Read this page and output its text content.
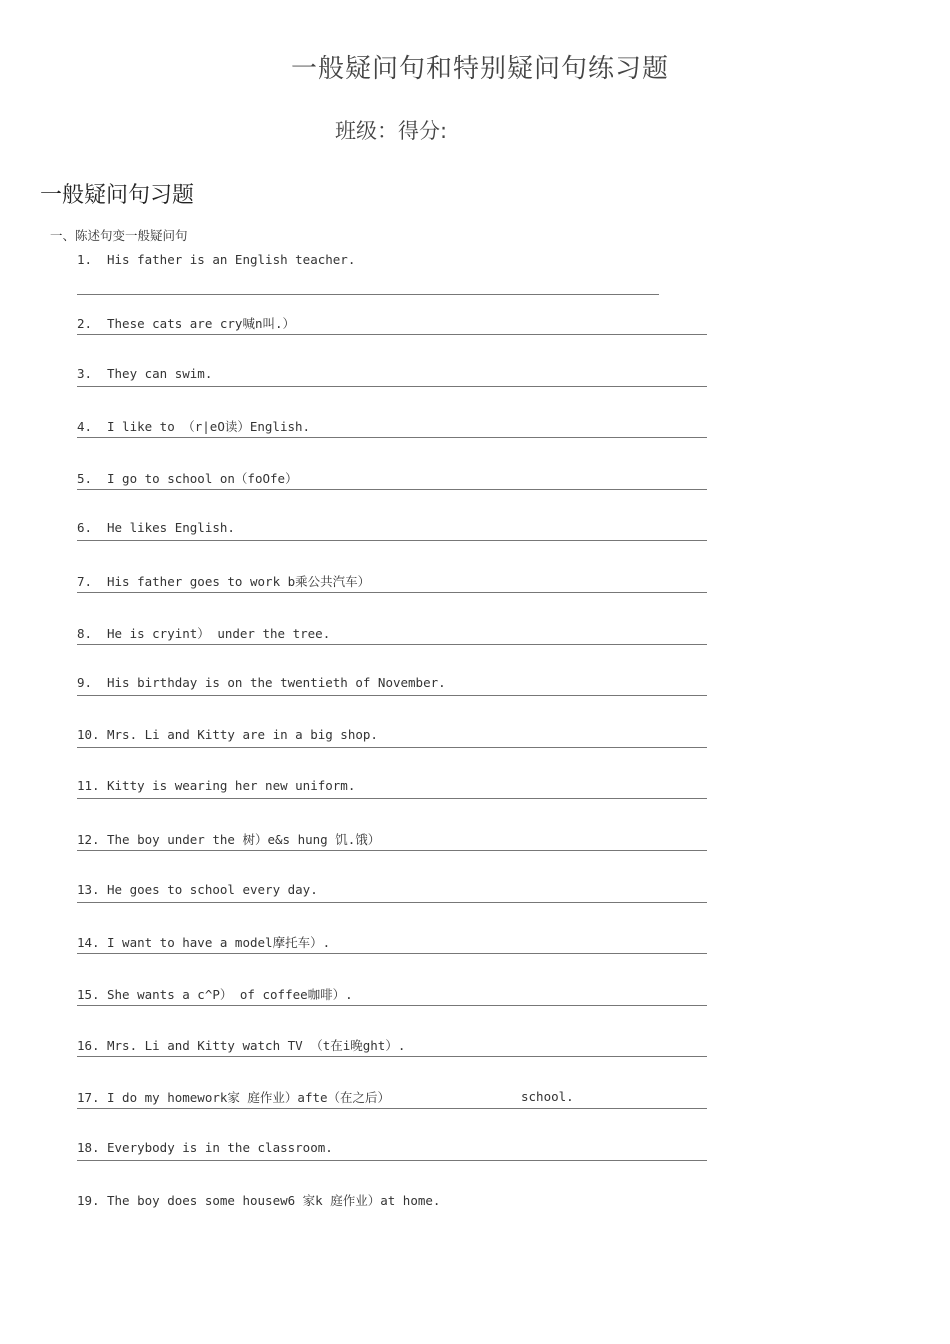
一般疑问句和特别疑问句练习题
班级：得分:
一般疑问句习题
一、陈述句变一般疑问句
1. His father is an English teacher.
2. These cats are cry喊n叫.）
3. They can swim.
4. I like to （r|eO读）English.
5. I go to school on（foOfe）
6. He likes English.
7. His father goes to work b乘公共汽车）
8. He is cryint） under the tree.
9. His birthday is on the twentieth of November.
10. Mrs. Li and Kitty are in a big shop.
11. Kitty is wearing her new uniform.
12. The boy under the 树）e&s hung 饥.饿）
13. He goes to school every day.
14. I want to have a model摩托车）.
15. She wants a c^P） of coffee咖啡）.
16. Mrs. Li and Kitty watch TV （t在i晚ght）.
17. I do my homework家 庭作业）afte（在之后）	school.
18. Everybody is in the classroom.
19. The boy does some housew6 家k 庭作业）at home.
